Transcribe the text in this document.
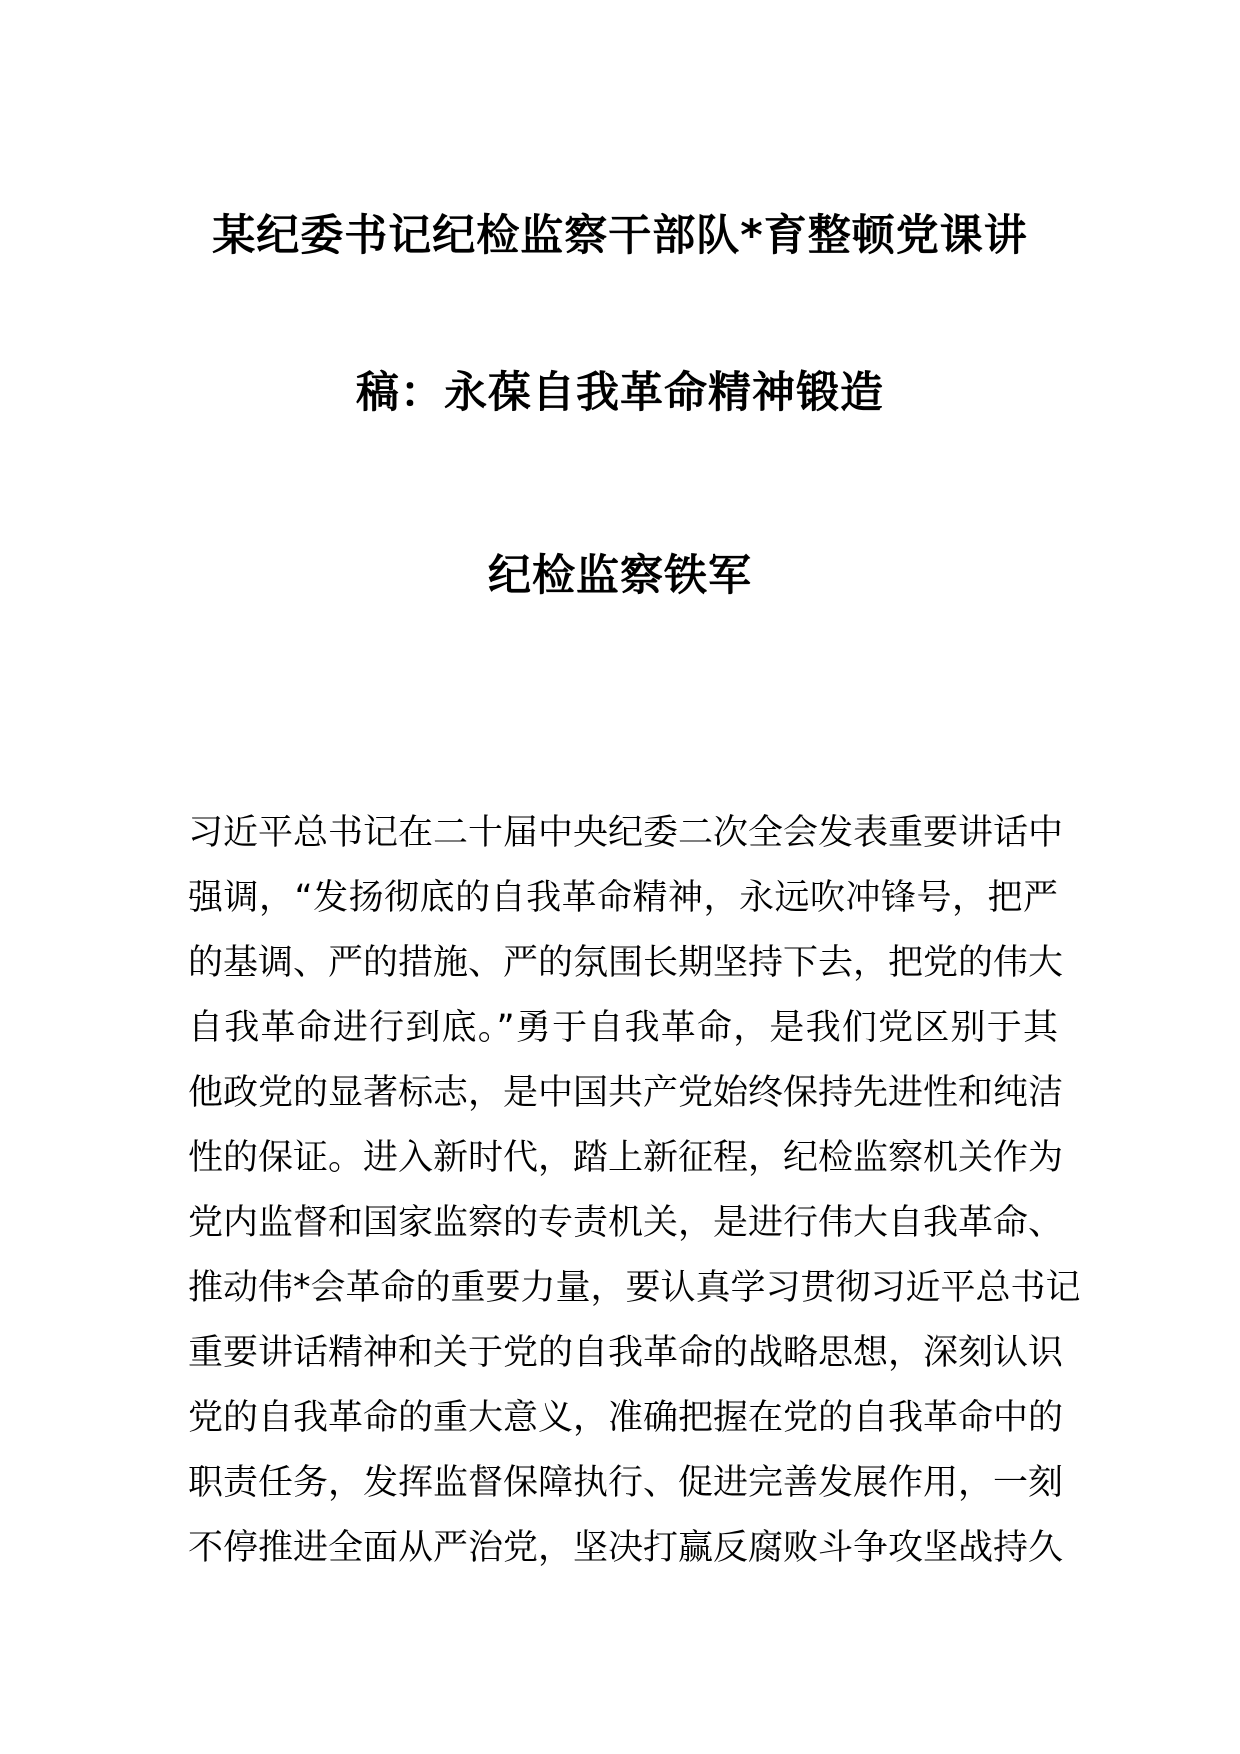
某纪委书记纪检监察干部队*育整顿党课讲
稿：永葆自我革命精神锻造
纪检监察铁军
习近平总书记在二十届中央纪委二次全会发表重要讲话中
强调，“发扬彻底的自我革命精神，永远吹冲锋号，把严
的基调、严的措施、严的氛围长期坚持下去，把党的伟大
自我革命进行到底。”勇于自我革命，是我们党区别于其
他政党的显著标志，是中国共产党始终保持先进性和纯洁
性的保证。进入新时代，踏上新征程，纪检监察机关作为
党内监督和国家监察的专责机关，是进行伟大自我革命、
推动伟*会革命的重要力量，要认真学习贯彻习近平总书记
重要讲话精神和关于党的自我革命的战略思想，深刻认识
党的自我革命的重大意义，准确把握在党的自我革命中的
职责任务，发挥监督保障执行、促进完善发展作用，一刻
不停推进全面从严治党，坚决打赢反腐败斗争攻坚战持久
